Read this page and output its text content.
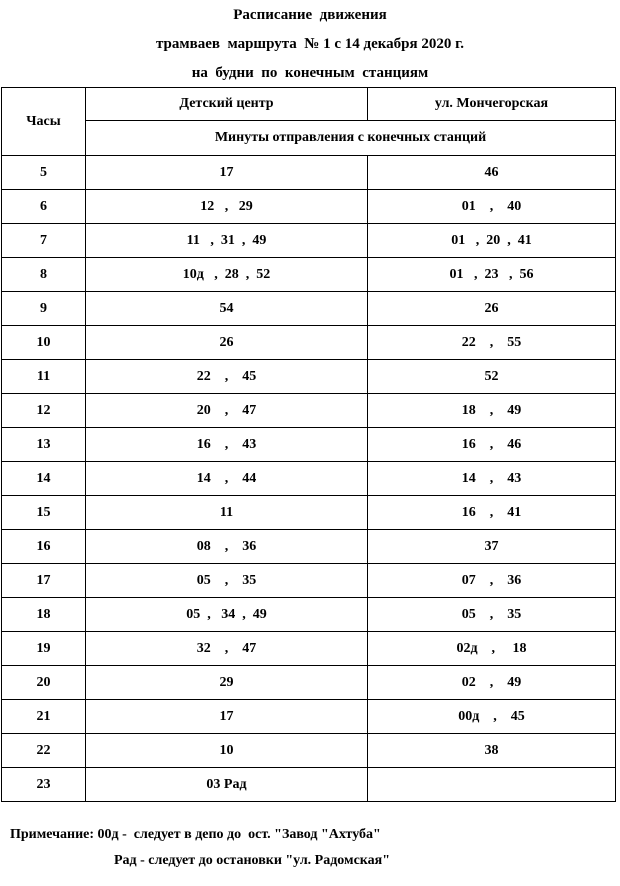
Расписание  движения
трамваев  маршрута  № 1 с 14 декабря 2020 г.
на  будни  по  конечным  станциям
Часы	Детский центр	ул. Мончегорская
	Минуты отправления с конечных станций	
5	17	46
6	12   ,   29	01    ,    40
7	11   ,  31  ,  49	01   ,  20  ,  41
8	10д   ,  28  ,  52	01   ,  23   ,  56
9	54	26
10	26	22    ,    55
11	22    ,    45	52
12	20    ,    47	18    ,    49
13	16    ,    43	16    ,    46
14	14    ,    44	14    ,    43
15	11	16    ,    41
16	08    ,    36	37
17	05    ,    35	07    ,    36
18	05  ,   34  ,  49	05    ,    35
19	32    ,    47	02д    ,     18
20	29	02    ,    49
21	17	00д    ,    45
22	10	38
23	03 Рад	
Примечание: 00д -  следует в депо до  ост. "Завод "Ахтуба"
Рад - следует до остановки "ул. Радомская"
